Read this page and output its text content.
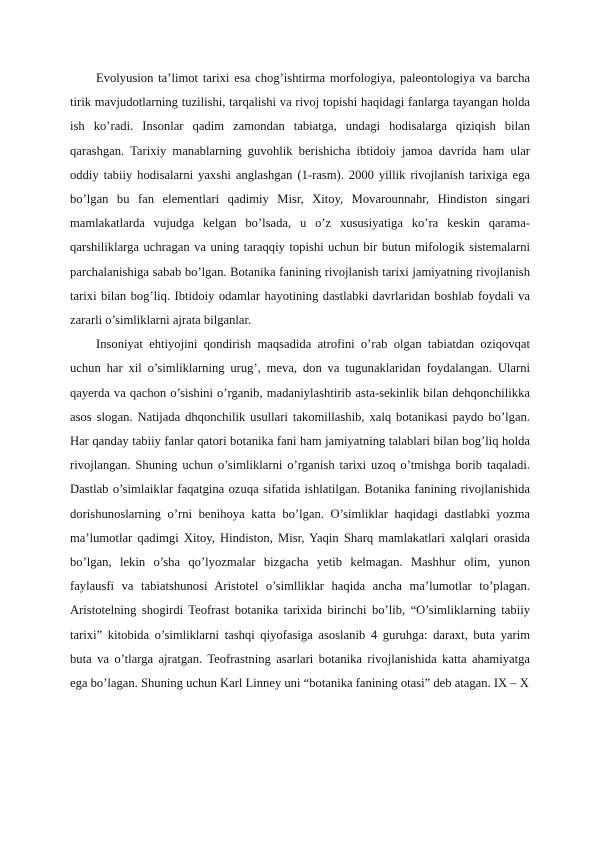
Evolyusion ta’limot tarixi esa chog’ishtirma morfologiya, paleontologiya va barcha tirik mavjudotlarning tuzilishi, tarqalishi va rivoj topishi haqidagi fanlarga tayangan holda ish ko’radi. Insonlar qadim zamondan tabiatga, undagi hodisalarga qiziqish bilan qarashgan. Tarixiy manablarning guvohlik berishicha ibtidoiy jamoa davrida ham ular oddiy tabiiy hodisalarni yaxshi anglashgan (1-rasm). 2000 yillik rivojlanish tarixiga ega bo’lgan bu fan elementlari qadimiy Misr, Xitoy, Movarounnahr, Hindiston singari mamlakatlarda vujudga kelgan bo’lsada, u o’z xususiyatiga ko’ra keskin qarama-qarshiliklarga uchragan va uning taraqqiy topishi uchun bir butun mifologik sistemalarni parchalanishiga sabab bo’lgan. Botanika fanining rivojlanish tarixi jamiyatning rivojlanish tarixi bilan bog’liq. Ibtidoiy odamlar hayotining dastlabki davrlaridan boshlab foydali va zararli o’simliklarni ajrata bilganlar.

Insoniyat ehtiyojini qondirish maqsadida atrofini o’rab olgan tabiatdan oziqovqat uchun har xil o’simliklarning urug’, meva, don va tugunaklaridan foydalangan. Ularni qayerda va qachon o’sishini o’rganib, madaniylashtirib asta-sekinlik bilan dehqonchilikka asos slogan. Natijada dhqonchilik usullari takomillashib, xalq botanikasi paydo bo’lgan. Har qanday tabiiy fanlar qatori botanika fani ham jamiyatning talablari bilan bog’liq holda rivojlangan. Shuning uchun o’simliklarni o’rganish tarixi uzoq o’tmishga borib taqaladi. Dastlab o’simlaiklar faqatgina ozuqa sifatida ishlatilgan. Botanika fanining rivojlanishida dorishunoslarning o’rni benihoya katta bo’lgan. O’simliklar haqidagi dastlabki yozma ma’lumotlar qadimgi Xitoy, Hindiston, Misr, Yaqin Sharq mamlakatlari xalqlari orasida bo’lgan, lekin o’sha qo’lyozmalar bizgacha yetib kelmagan. Mashhur olim, yunon faylausfi va tabiatshunosi Aristotel o’simlliklar haqida ancha ma’lumotlar to’plagan. Aristotelning shogirdi Teofrast botanika tarixida birinchi bo’lib, “O’simliklarning tabiiy tarixi” kitobida o’simliklarni tashqi qiyofasiga asoslanib 4 guruhga: daraxt, buta yarim buta va o’tlarga ajratgan. Teofrastning asarlari botanika rivojlanishida katta ahamiyatga ega bo’lagan. Shuning uchun Karl Linney uni “botanika fanining otasi” deb atagan. IX – X
